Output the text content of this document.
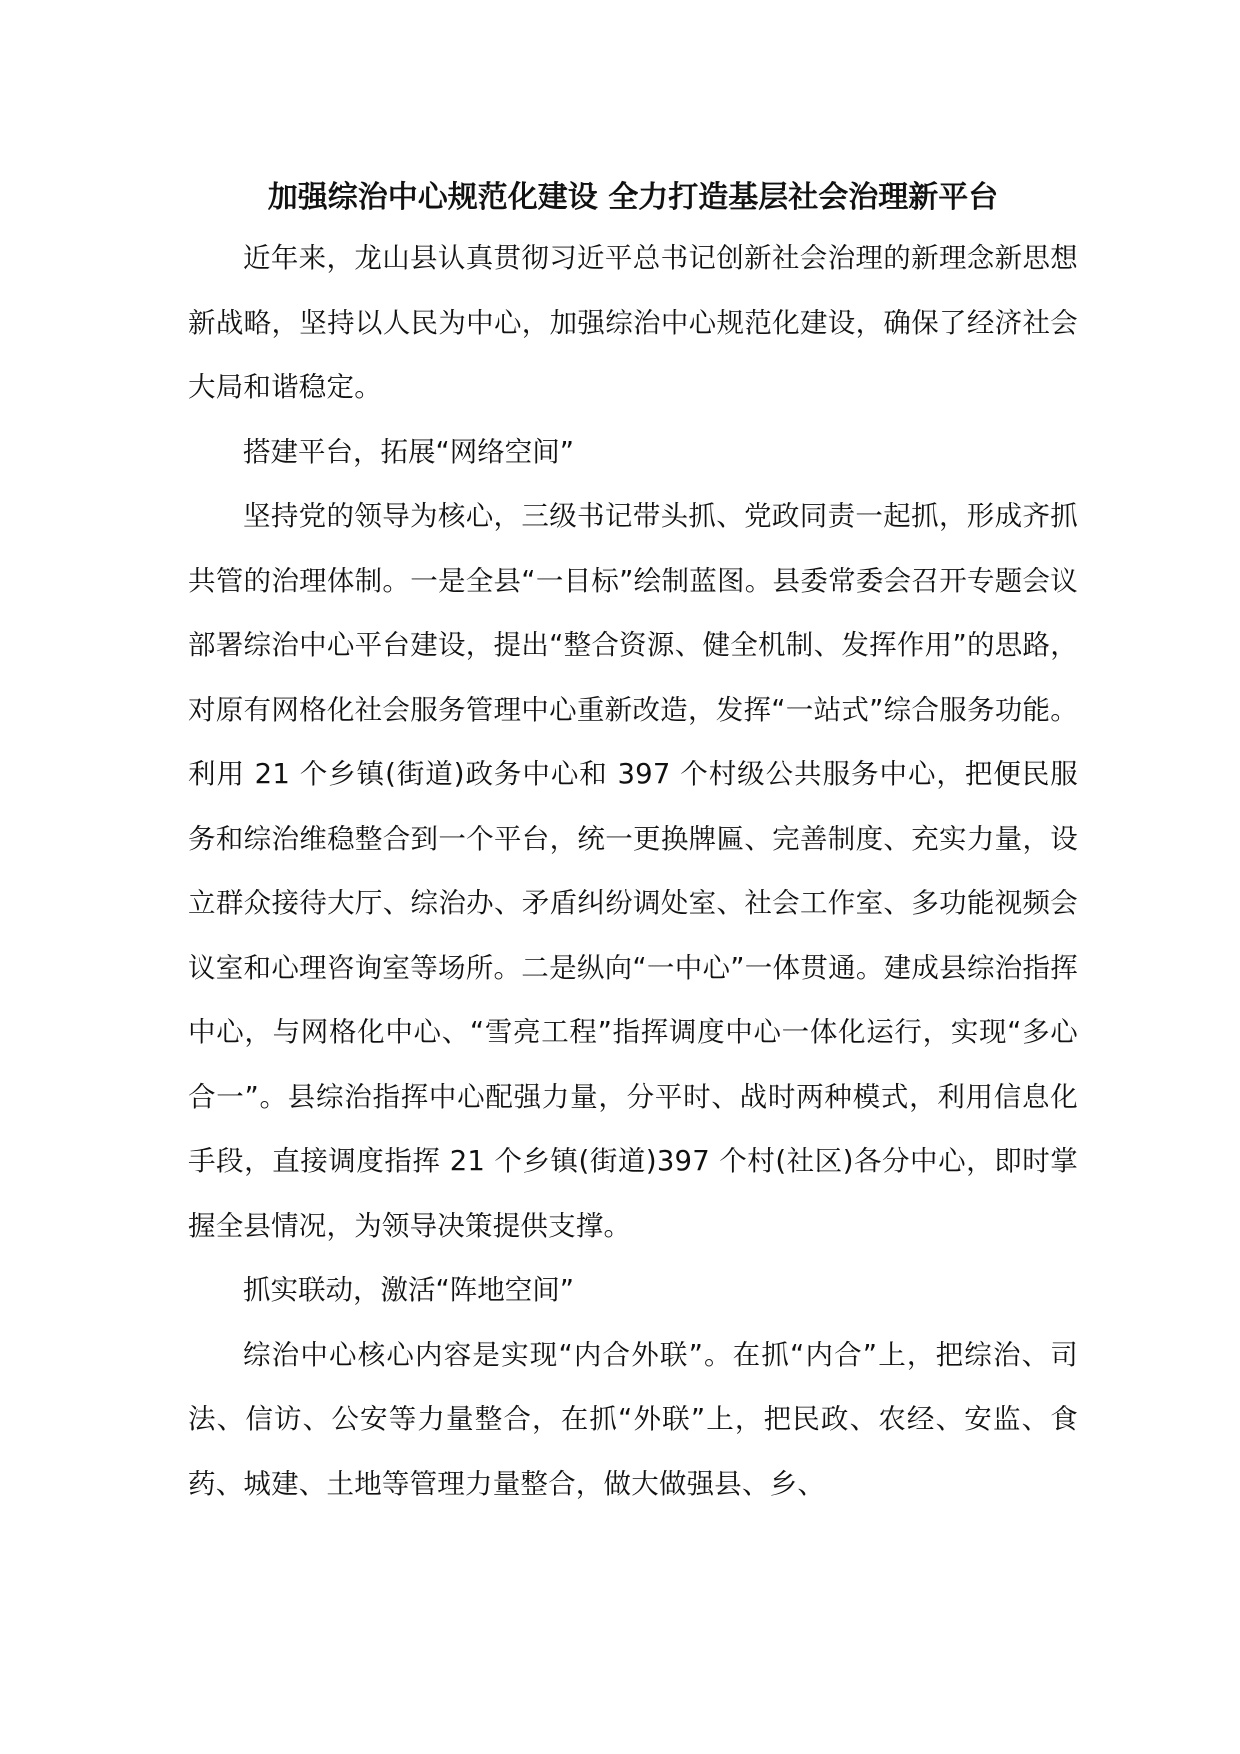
加强综治中心规范化建设 全力打造基层社会治理新平台

近年来，龙山县认真贯彻习近平总书记创新社会治理的新理念新思想新战略，坚持以人民为中心，加强综治中心规范化建设，确保了经济社会大局和谐稳定。

搭建平台，拓展“网络空间”

坚持党的领导为核心，三级书记带头抓、党政同责一起抓，形成齐抓共管的治理体制。一是全县“一目标”绘制蓝图。县委常委会召开专题会议部署综治中心平台建设，提出“整合资源、健全机制、发挥作用”的思路，对原有网格化社会服务管理中心重新改造，发挥“一站式”综合服务功能。利用 21 个乡镇(街道)政务中心和 397 个村级公共服务中心，把便民服务和综治维稳整合到一个平台，统一更换牌匾、完善制度、充实力量，设立群众接待大厅、综治办、矛盾纠纷调处室、社会工作室、多功能视频会议室和心理咨询室等场所。二是纵向“一中心”一体贯通。建成县综治指挥中心，与网格化中心、“雪亮工程”指挥调度中心一体化运行，实现“多心合一”。县综治指挥中心配强力量，分平时、战时两种模式，利用信息化手段，直接调度指挥 21 个乡镇(街道)397 个村(社区)各分中心，即时掌握全县情况，为领导决策提供支撑。

抓实联动，激活“阵地空间”

综治中心核心内容是实现“内合外联”。在抓“内合”上，把综治、司法、信访、公安等力量整合，在抓“外联”上，把民政、农经、安监、食药、城建、土地等管理力量整合，做大做强县、乡、
